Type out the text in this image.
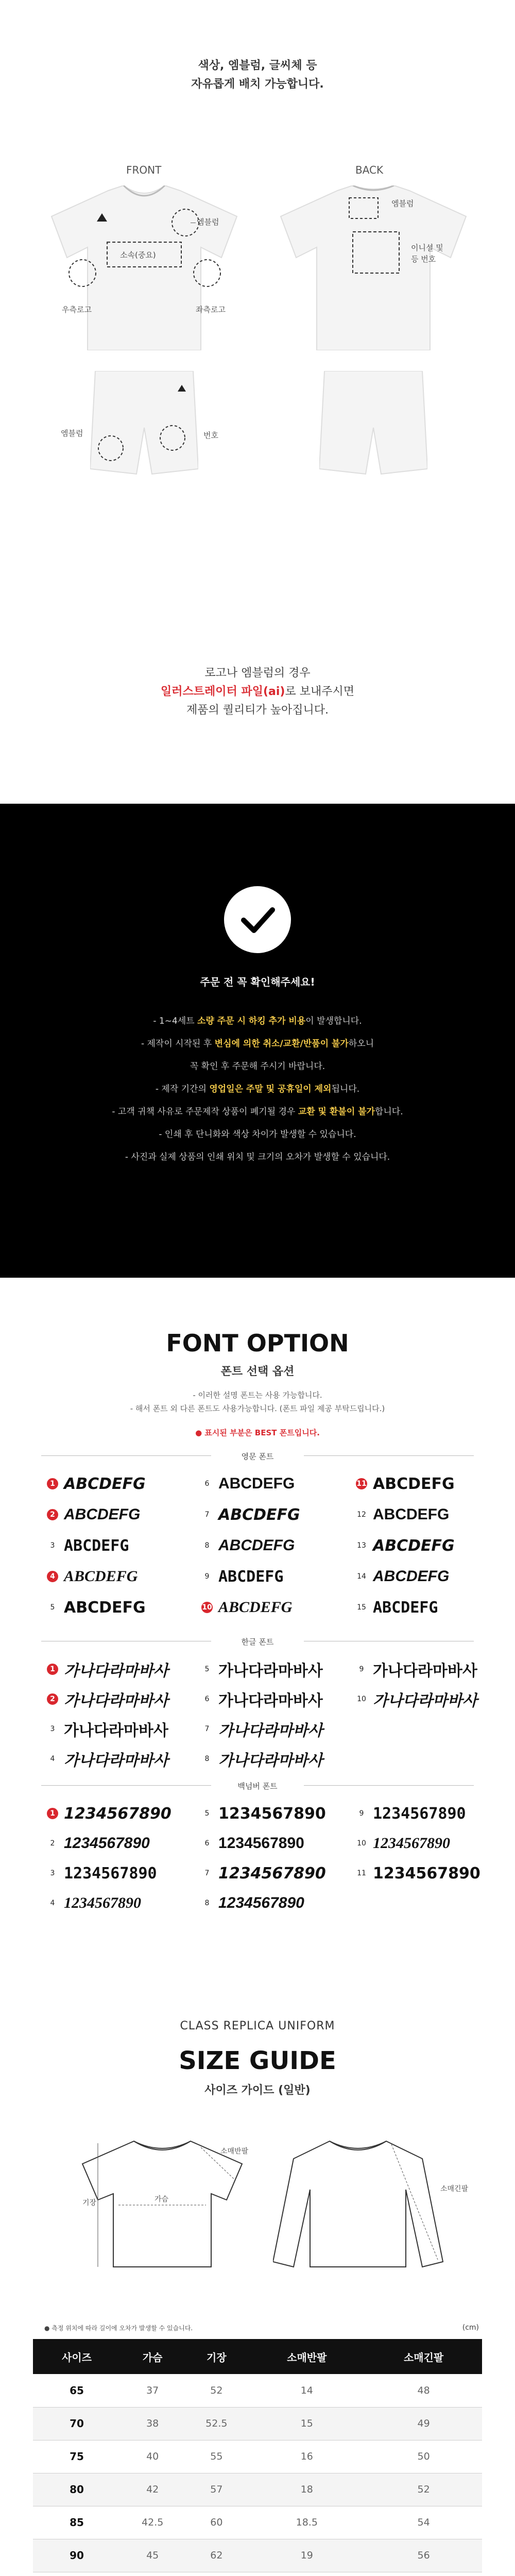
색상, 엠블럼, 글씨체 등
자유롭게 배치 가능합니다.
FRONT	BACK
엠블럼
소속(중요)
우측로고	좌측로고
엠블럼
이니셜 및
등 번호
엠블럼	번호
로고나 엠블럼의 경우
일러스트레이터 파일(ai)로 보내주시면
제품의 퀄리티가 높아집니다.
주문 전 꼭 확인해주세요!
- 1~4세트 소량 주문 시 하킹 추가 비용이 발생합니다.
- 제작이 시작된 후 변심에 의한 취소/교환/반품이 불가하오니
꼭 확인 후 주문해 주시기 바랍니다.
- 제작 기간의 영업일은 주말 및 공휴일이 제외됩니다.
- 고객 귀책 사유로 주문제작 상품이 폐기될 경우 교환 및 환불이 불가합니다.
- 인쇄 후 단니화와 색상 차이가 발생할 수 있습니다.
- 사진과 실제 상품의 인쇄 위치 및 크기의 오차가 발생할 수 있습니다.
FONT OPTION
폰트 선택 옵션
- 이러한 설명 폰트는 사용 가능합니다.
- 해서 폰트 외 다른 폰트도 사용가능합니다. (폰트 파일 제공 부탁드립니다.)
● 표시된 부분은 BEST 폰트입니다.
영문 폰트
1 ABCDEFG
2 ABCDEFG
3 ABCDEFG
4 ABCDEFG
5 ABCDEFG
6 ABCDEFG
7 ABCDEFG
8 ABCDEFG
9 ABCDEFG
10 ABCDEFG
11 ABCDEFG
12 ABCDEFG
13 ABCDEFG
14 ABCDEFG
15 ABCDEFG
한글 폰트
1 가나다라마바사
2 가나다라마바사
3 가나다라마바사
4 가나다라마바사
5 가나다라마바사
6 가나다라마바사
7 가나다라마바사
8 가나다라마바사
9 가나다라마바사
10 가나다라마바사
백넘버 폰트
1 1234567890
2 1234567890
3 1234567890
4 1234567890
5 1234567890
6 1234567890
7 1234567890
8 1234567890
9 1234567890
10 1234567890
11 1234567890
CLASS REPLICA UNIFORM
SIZE GUIDE
사이즈 가이드 (일반)
기장	가슴
소매반팔
소매긴팔
● 측정 위치에 따라 길이에 오차가 발생할 수 있습니다.	(cm)
사이즈	가슴	기장	소매반팔	소매긴팔
65	37	52	14	48
70	38	52.5	15	49
75	40	55	16	50
80	42	57	18	52
85	42.5	60	18.5	54
90	45	62	19	56
